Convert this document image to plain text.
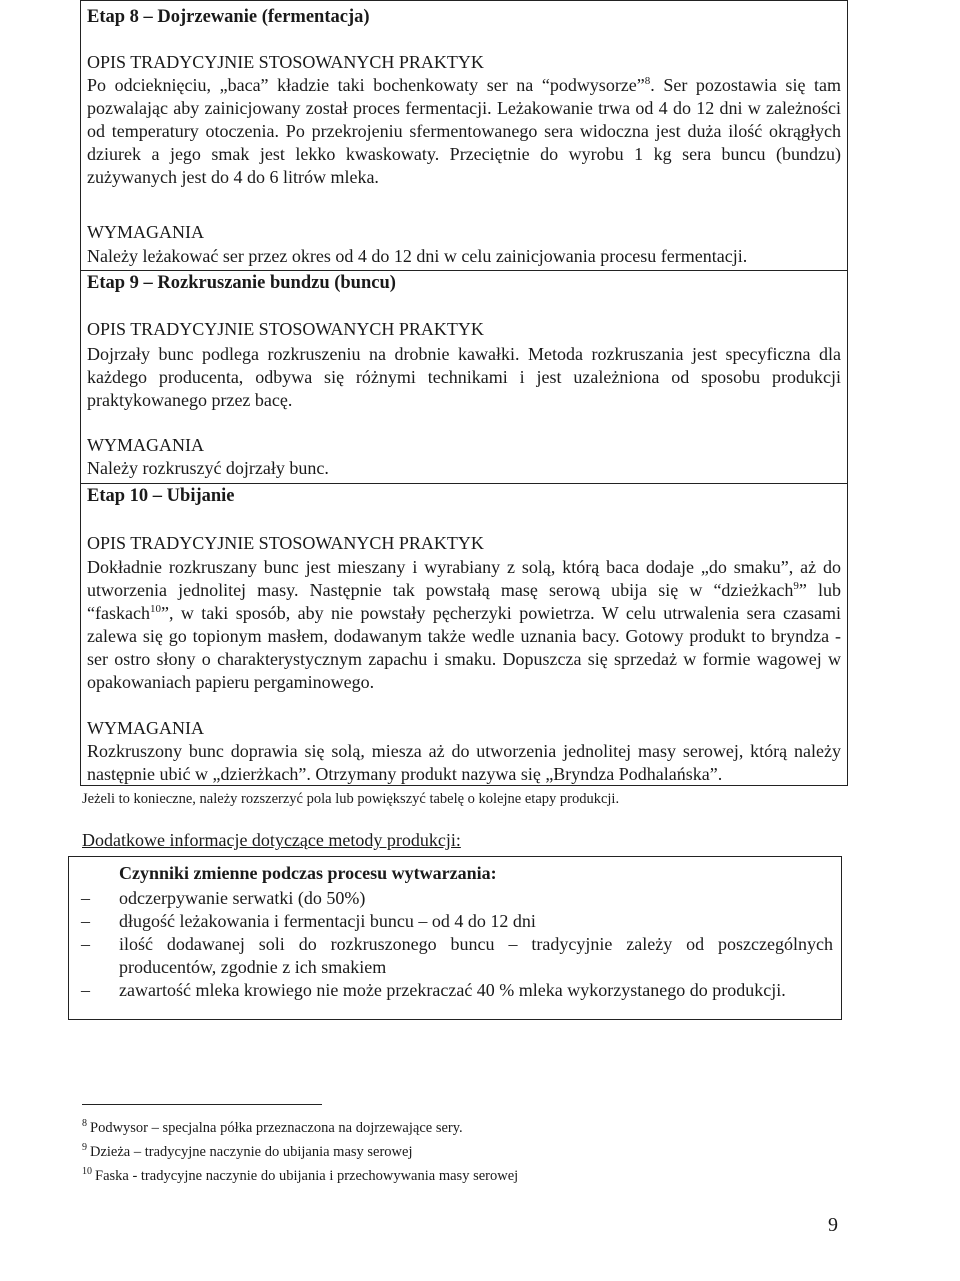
Etap 8 – Dojrzewanie (fermentacja)
OPIS TRADYCYJNIE STOSOWANYCH PRAKTYK
Po odcieknięciu, „baca” kładzie taki bochenkowaty ser na “podwysorze”$^8$. Ser pozostawia się tam pozwalając aby zainicjowany został proces fermentacji. Leżakowanie trwa od 4 do 12 dni w zależności od temperatury otoczenia. Po przekrojeniu sfermentowanego sera widoczna jest duża ilość okrągłych dziurek a jego smak jest lekko kwaskowaty. Przeciętnie do wyrobu 1 kg sera buncu (bundzu) zużywanych jest do 4 do 6 litrów mleka.
WYMAGANIA
Należy leżakować ser przez okres od 4 do 12 dni w celu zainicjowania procesu fermentacji.
Etap 9 – Rozkruszanie bundzu (buncu)
OPIS TRADYCYJNIE STOSOWANYCH PRAKTYK
Dojrzały bunc podlega rozkruszeniu na drobnie kawałki. Metoda rozkruszania jest specyficzna dla każdego producenta, odbywa się różnymi technikami i jest uzależniona od sposobu produkcji praktykowanego przez bacę.
WYMAGANIA
Należy rozkruszyć dojrzały bunc.
Etap 10 – Ubijanie
OPIS TRADYCYJNIE STOSOWANYCH PRAKTYK
Dokładnie rozkruszany bunc jest mieszany i wyrabiany z solą, którą baca dodaje „do smaku”, aż do utworzenia jednolitej masy. Następnie tak powstałą masę serową ubija się w “dzieżkach$^9$” lub “faskach$^{10}$”, w taki sposób, aby nie powstały pęcherzyki powietrza. W celu utrwalenia sera czasami zalewa się go topionym masłem, dodawanym także wedle uznania bacy. Gotowy produkt to bryndza - ser ostro słony o charakterystycznym zapachu i smaku. Dopuszcza się sprzedaż w formie wagowej w opakowaniach papieru pergaminowego.
WYMAGANIA
Rozkruszony bunc doprawia się solą, miesza aż do utworzenia jednolitej masy serowej, którą należy następnie ubić w „dzierżkach”. Otrzymany produkt nazywa się „Bryndza Podhalańska”.
Jeżeli to konieczne, należy rozszerzyć pola lub powiększyć tabelę o kolejne etapy produkcji.
Dodatkowe informacje dotyczące metody produkcji:
Czynniki zmienne podczas procesu wytwarzania:
– odczerpywanie serwatki (do 50%)
– długość leżakowania i fermentacji buncu – od 4 do 12 dni
– ilość dodawanej soli do rozkruszonego buncu – tradycyjnie zależy od poszczególnych producentów, zgodnie z ich smakiem
– zawartość mleka krowiego nie może przekraczać 40 % mleka wykorzystanego do produkcji.
$^8$ Podwysor – specjalna półka przeznaczona na dojrzewające sery.
$^9$ Dzieża – tradycyjne naczynie do ubijania masy serowej
$^{10}$ Faska - tradycyjne naczynie do ubijania i przechowywania masy serowej
9
